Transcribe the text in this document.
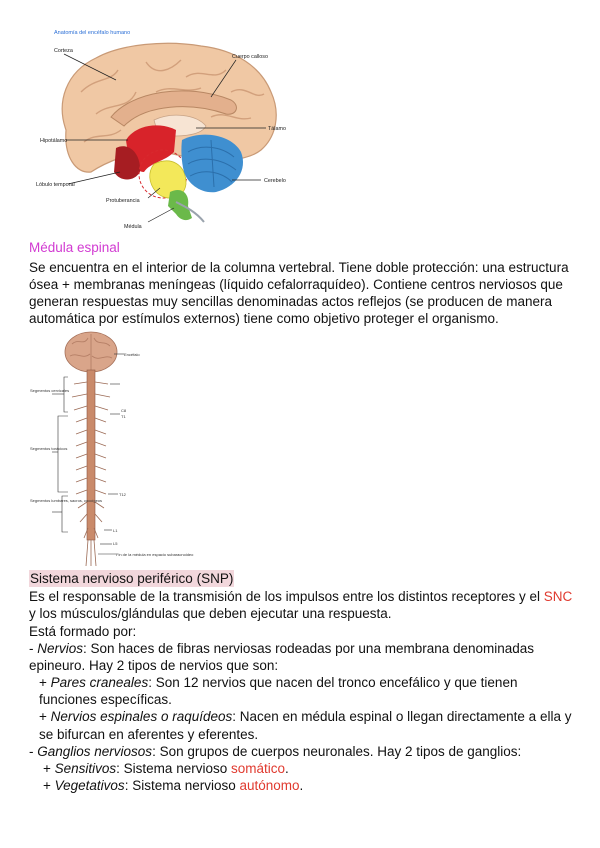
Anatomía del encéfalo humano
Corteza
Cuerpo calloso
Hipotálamo
Tálamo
Lóbulo temporal
Protuberancia
Cerebelo
Médula
Médula espinal

Se encuentra en el interior de la columna vertebral. Tiene doble protección: una estructura ósea + membranas meníngeas (líquido cefalorraquídeo). Contiene centros nerviosos que generan respuestas muy sencillas denominadas actos reflejos (se producen de manera automática por estímulos externos) tiene como objetivo proteger el organismo.

Encéfalo
Segmentos cervicales
C8
T1
Segmentos torácicos
T12
Segmentos lumbares, sacros, coccígeos
L1
L5
Fin de la médula en espacio subaracnoideo
Sistema nervioso periférico (SNP)

Es el responsable de la transmisión de los impulsos entre los distintos receptores y el SNC y los músculos/glándulas que deben ejecutar una respuesta.

Está formado por:
- Nervios: Son haces de fibras nerviosas rodeadas por una membrana denominadas epineuro. Hay 2 tipos de nervios que son:
+ Pares craneales: Son 12 nervios que nacen del tronco encefálico y que tienen funciones específicas.
+ Nervios espinales o raquídeos: Nacen en médula espinal o llegan directamente a ella y se bifurcan en aferentes y eferentes.
- Ganglios nerviosos: Son grupos de cuerpos neuronales. Hay 2 tipos de ganglios:
+ Sensitivos: Sistema nervioso somático.
+ Vegetativos: Sistema nervioso autónomo.
